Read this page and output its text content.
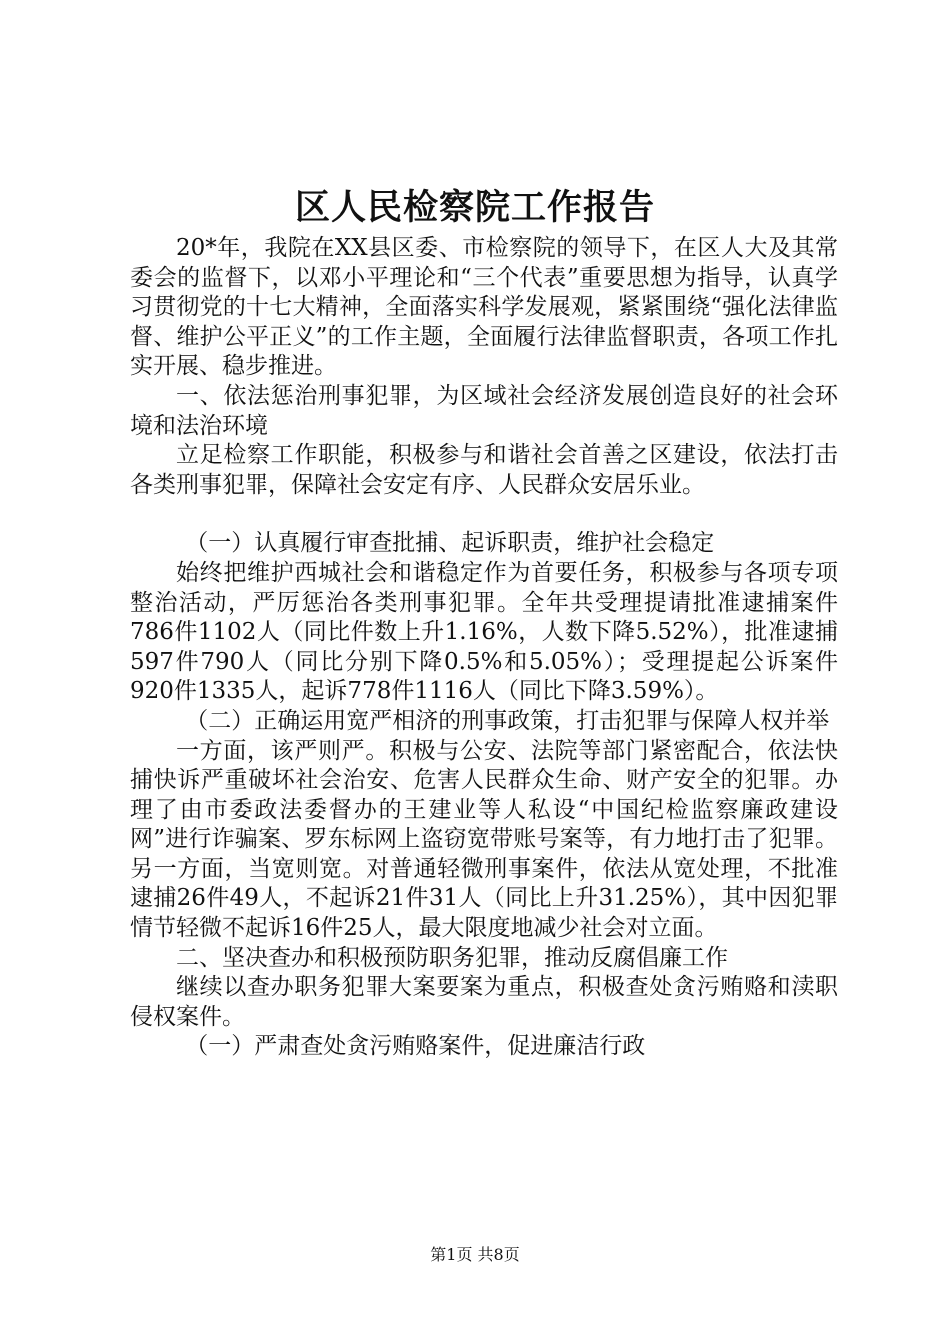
区人民检察院工作报告

20*年，我院在XX县区委、市检察院的领导下，在区人大及其常委会的监督下，以邓小平理论和“三个代表”重要思想为指导，认真学习贯彻党的十七大精神，全面落实科学发展观，紧紧围绕“强化法律监督、维护公平正义”的工作主题，全面履行法律监督职责，各项工作扎实开展、稳步推进。

一、依法惩治刑事犯罪，为区域社会经济发展创造良好的社会环境和法治环境

立足检察工作职能，积极参与和谐社会首善之区建设，依法打击各类刑事犯罪，保障社会安定有序、人民群众安居乐业。

（一）认真履行审查批捕、起诉职责，维护社会稳定

始终把维护西城社会和谐稳定作为首要任务，积极参与各项专项整治活动，严厉惩治各类刑事犯罪。全年共受理提请批准逮捕案件786件1102人（同比件数上升1.16%，人数下降5.52%），批准逮捕597件790人（同比分别下降0.5%和5.05%）；受理提起公诉案件920件1335人，起诉778件1116人（同比下降3.59%）。

（二）正确运用宽严相济的刑事政策，打击犯罪与保障人权并举

一方面，该严则严。积极与公安、法院等部门紧密配合，依法快捕快诉严重破坏社会治安、危害人民群众生命、财产安全的犯罪。办理了由市委政法委督办的王建业等人私设“中国纪检监察廉政建设网”进行诈骗案、罗东标网上盗窃宽带账号案等，有力地打击了犯罪。另一方面，当宽则宽。对普通轻微刑事案件，依法从宽处理，不批准逮捕26件49人，不起诉21件31人（同比上升31.25%），其中因犯罪情节轻微不起诉16件25人，最大限度地减少社会对立面。

二、坚决查办和积极预防职务犯罪，推动反腐倡廉工作

继续以查办职务犯罪大案要案为重点，积极查处贪污贿赂和渎职侵权案件。

（一）严肃查处贪污贿赂案件，促进廉洁行政

第1页 共8页
